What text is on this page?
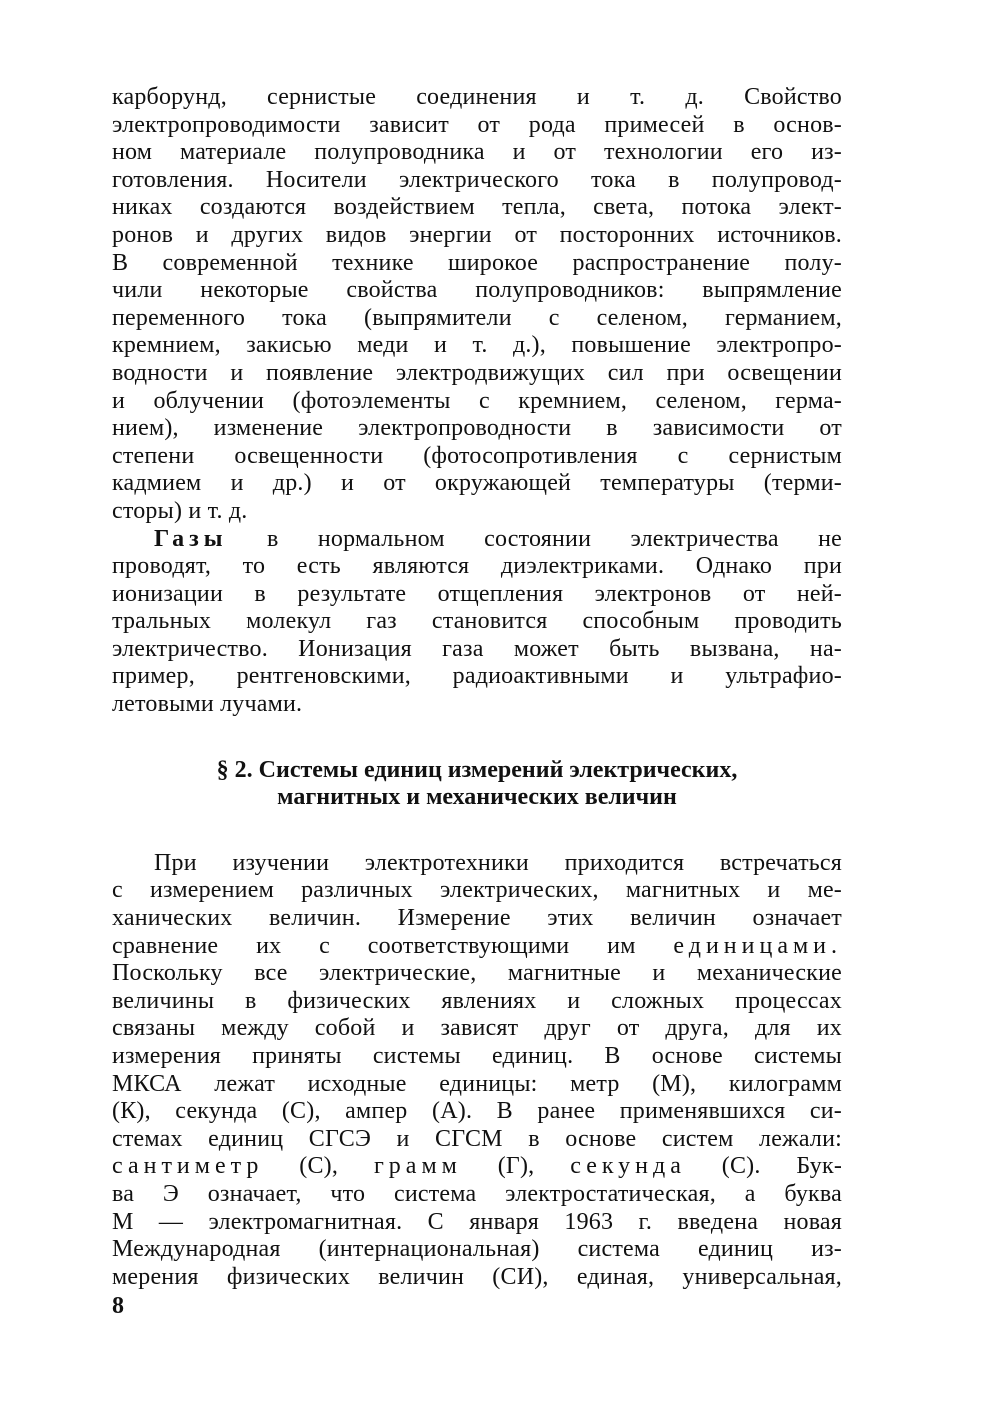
карборунд, сернистые соединения и т. д. Свойство
электропроводимости зависит от рода примесей в основ-
ном материале полупроводника и от технологии его из-
готовления. Носители электрического тока в полупровод-
никах создаются воздействием тепла, света, потока элект-
ронов и других видов энергии от посторонних источников.
В современной технике широкое распространение полу-
чили некоторые свойства полупроводников: выпрямление
переменного тока (выпрямители с селеном, германием,
кремнием, закисью меди и т. д.), повышение электропро-
водности и появление электродвижущих сил при освещении
и облучении (фотоэлементы с кремнием, селеном, герма-
нием), изменение электропроводности в зависимости от
степени освещенности (фотосопротивления с сернистым
кадмием и др.) и от окружающей температуры (терми-
сторы) и т. д.
Газы в нормальном состоянии электричества не
проводят, то есть являются диэлектриками. Однако при
ионизации в результате отщепления электронов от ней-
тральных молекул газ становится способным проводить
электричество. Ионизация газа может быть вызвана, на-
пример, рентгеновскими, радиоактивными и ультрафио-
летовыми лучами.
§ 2. Системы единиц измерений электрических,
магнитных и механических величин
При изучении электротехники приходится встречаться
с измерением различных электрических, магнитных и ме-
ханических величин. Измерение этих величин означает
сравнение их с соответствующими им единицами.
Поскольку все электрические, магнитные и механические
величины в физических явлениях и сложных процессах
связаны между собой и зависят друг от друга, для их
измерения приняты системы единиц. В основе системы
МКСА лежат исходные единицы: метр (М), килограмм
(К), секунда (С), ампер (А). В ранее применявшихся си-
стемах единиц СГСЭ и СГСМ в основе систем лежали:
сантиметр (С), грамм (Г), секунда (С). Бук-
ва Э означает, что система электростатическая, а буква
М — электромагнитная. С января 1963 г. введена новая
Международная (интернациональная) система единиц из-
мерения физических величин (СИ), единая, универсальная,
8
